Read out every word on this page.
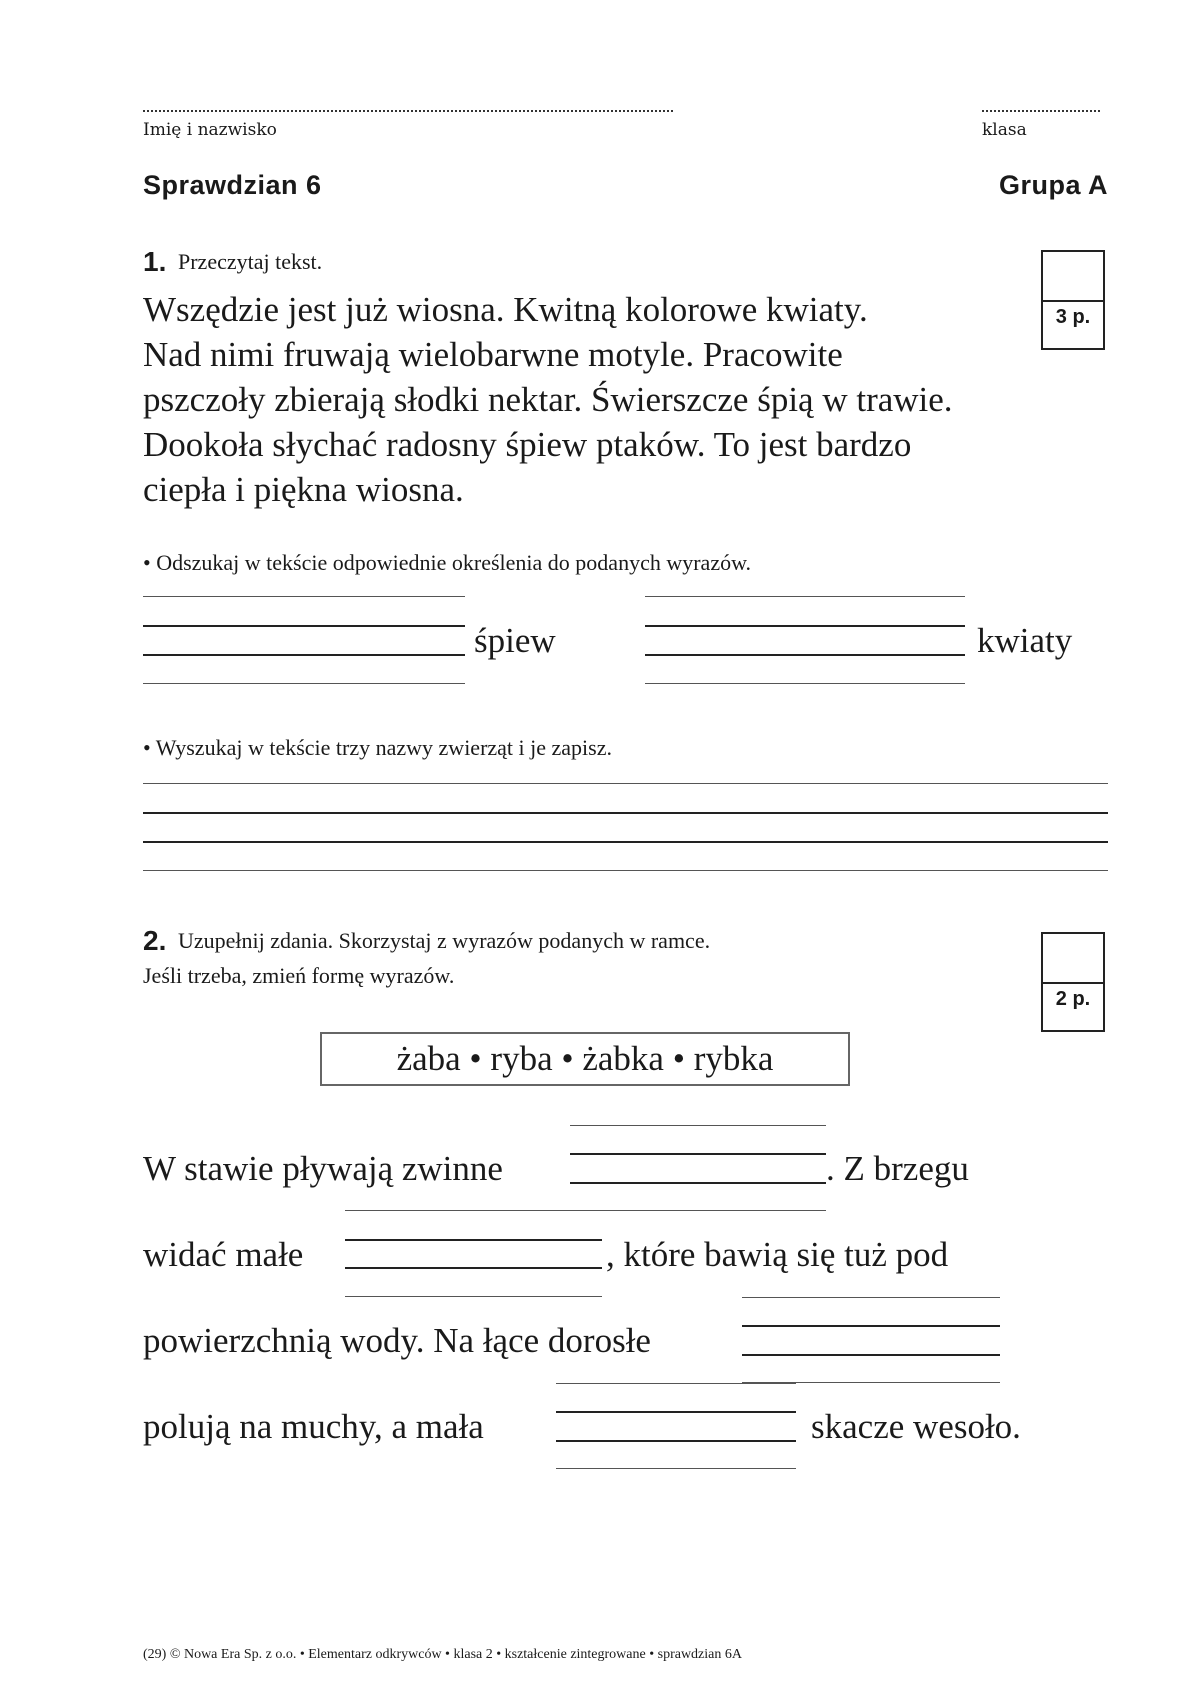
Imię i nazwisko	klasa
Sprawdzian 6	Grupa A
1. Przeczytaj tekst.
3 p.
Wszędzie jest już wiosna. Kwitną kolorowe kwiaty.
Nad nimi fruwają wielobarwne motyle. Pracowite
pszczoły zbierają słodki nektar. Świerszcze śpią w trawie.
Dookoła słychać radosny śpiew ptaków. To jest bardzo
ciepła i piękna wiosna.
• Odszukaj w tekście odpowiednie określenia do podanych wyrazów.
śpiew	kwiaty
• Wyszukaj w tekście trzy nazwy zwierząt i je zapisz.
2. Uzupełnij zdania. Skorzystaj z wyrazów podanych w ramce.
Jeśli trzeba, zmień formę wyrazów.
2 p.
żaba • ryba • żabka • rybka
W stawie pływają zwinne	. Z brzegu
widać małe	, które bawią się tuż pod
powierzchnią wody. Na łące dorosłe
polują na muchy, a mała	skacze wesoło.
(29) © Nowa Era Sp. z o.o. • Elementarz odkrywców • klasa 2 • kształcenie zintegrowane • sprawdzian 6A
